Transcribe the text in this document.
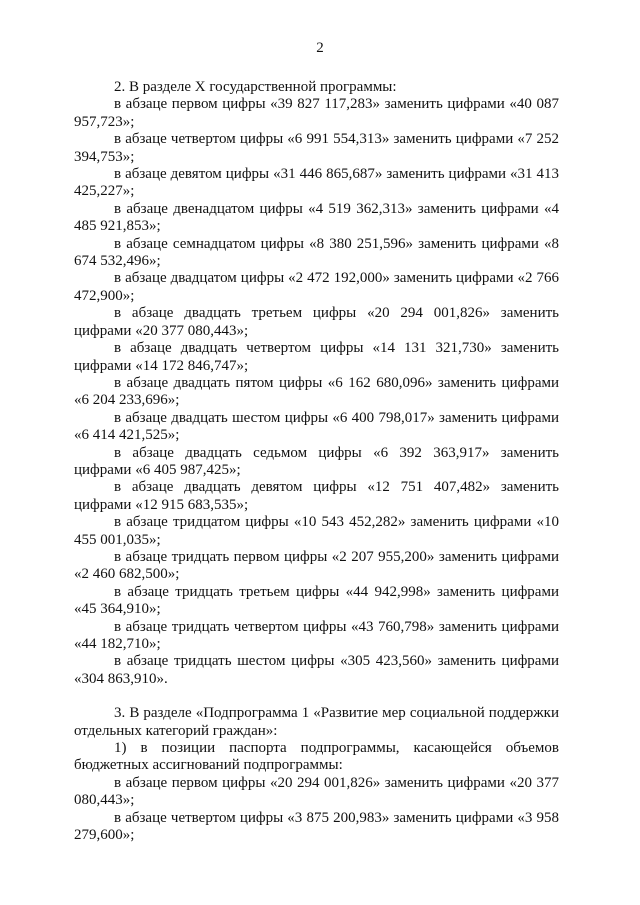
2

2. В разделе X государственной программы:

в абзаце первом цифры «39 827 117,283» заменить цифрами «40 087 957,723»;

в абзаце четвертом цифры «6 991 554,313» заменить цифрами «7 252 394,753»;

в абзаце девятом цифры «31 446 865,687» заменить цифрами «31 413 425,227»;

в абзаце двенадцатом цифры «4 519 362,313» заменить цифрами «4 485 921,853»;

в абзаце семнадцатом цифры «8 380 251,596» заменить цифрами «8 674 532,496»;

в абзаце двадцатом цифры «2 472 192,000» заменить цифрами «2 766 472,900»;

в абзаце двадцать третьем цифры «20 294 001,826» заменить цифрами «20 377 080,443»;

в абзаце двадцать четвертом цифры «14 131 321,730» заменить цифрами «14 172 846,747»;

в абзаце двадцать пятом цифры «6 162 680,096» заменить цифрами «6 204 233,696»;

в абзаце двадцать шестом цифры «6 400 798,017» заменить цифрами «6 414 421,525»;

в абзаце двадцать седьмом цифры «6 392 363,917» заменить цифрами «6 405 987,425»;

в абзаце двадцать девятом цифры «12 751 407,482» заменить цифрами «12 915 683,535»;

в абзаце тридцатом цифры «10 543 452,282» заменить цифрами «10 455 001,035»;

в абзаце тридцать первом цифры «2 207 955,200» заменить цифрами «2 460 682,500»;

в абзаце тридцать третьем цифры «44 942,998» заменить цифрами «45 364,910»;

в абзаце тридцать четвертом цифры «43 760,798» заменить цифрами «44 182,710»;

в абзаце тридцать шестом цифры «305 423,560» заменить цифрами «304 863,910».

3. В разделе «Подпрограмма 1 «Развитие мер социальной поддержки отдельных категорий граждан»:

1) в позиции паспорта подпрограммы, касающейся объемов бюджетных ассигнований подпрограммы:

в абзаце первом цифры «20 294 001,826» заменить цифрами «20 377 080,443»;

в абзаце четвертом цифры «3 875 200,983» заменить цифрами «3 958 279,600»;
